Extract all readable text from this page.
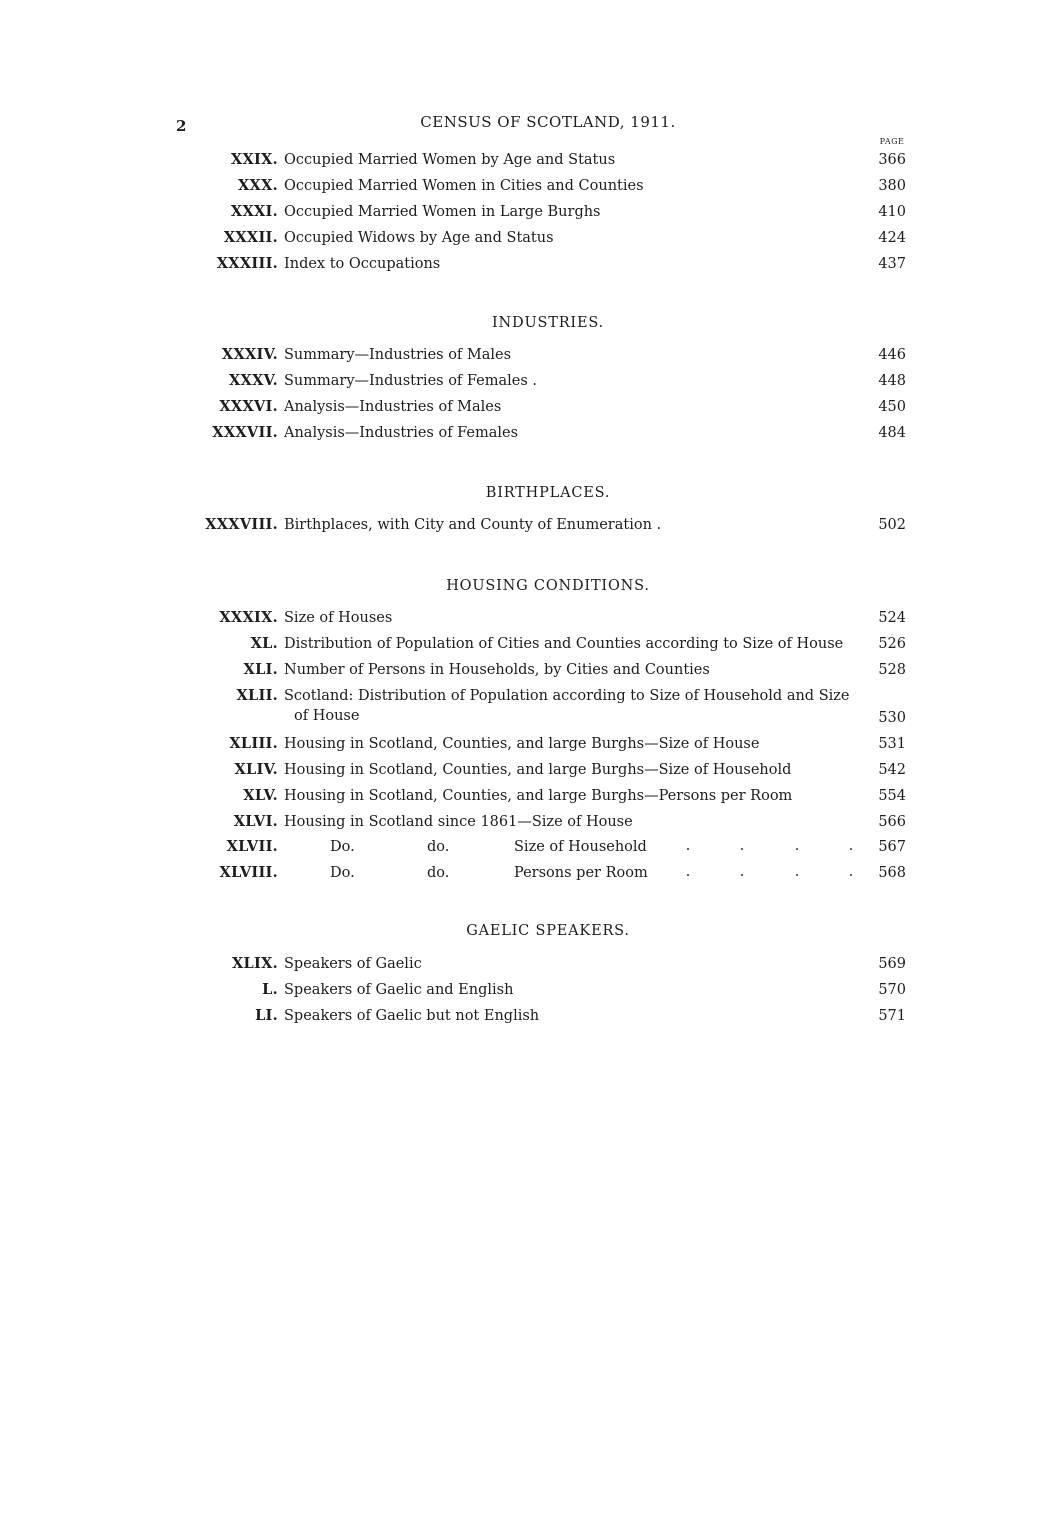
2	CENSUS OF SCOTLAND, 1911.
PAGE
XXIX. Occupied Married Women by Age and Status	366
XXX. Occupied Married Women in Cities and Counties	380
XXXI. Occupied Married Women in Large Burghs	410
XXXII. Occupied Widows by Age and Status	424
XXXIII. Index to Occupations	437
INDUSTRIES.
XXXIV. Summary—Industries of Males	446
XXXV. Summary—Industries of Females .	448
XXXVI. Analysis—Industries of Males	450
XXXVII. Analysis—Industries of Females	484
BIRTHPLACES.
XXXVIII. Birthplaces, with City and County of Enumeration .	502
HOUSING CONDITIONS.
XXXIX. Size of Houses	524
XL. Distribution of Population of Cities and Counties according to Size of House	526
XLI. Number of Persons in Households, by Cities and Counties	528
XLII. Scotland: Distribution of Population according to Size of Household and Size
of House	530
XLIII. Housing in Scotland, Counties, and large Burghs—Size of House	531
XLIV. Housing in Scotland, Counties, and large Burghs—Size of Household	542
XLV. Housing in Scotland, Counties, and large Burghs—Persons per Room	554
XLVI. Housing in Scotland since 1861—Size of House	566
XLVII.	Do.	do.	Size of Household	567
XLVIII.	Do.	do.	Persons per Room	568
GAELIC SPEAKERS.
XLIX. Speakers of Gaelic	569
L. Speakers of Gaelic and English	570
LI. Speakers of Gaelic but not English	571
